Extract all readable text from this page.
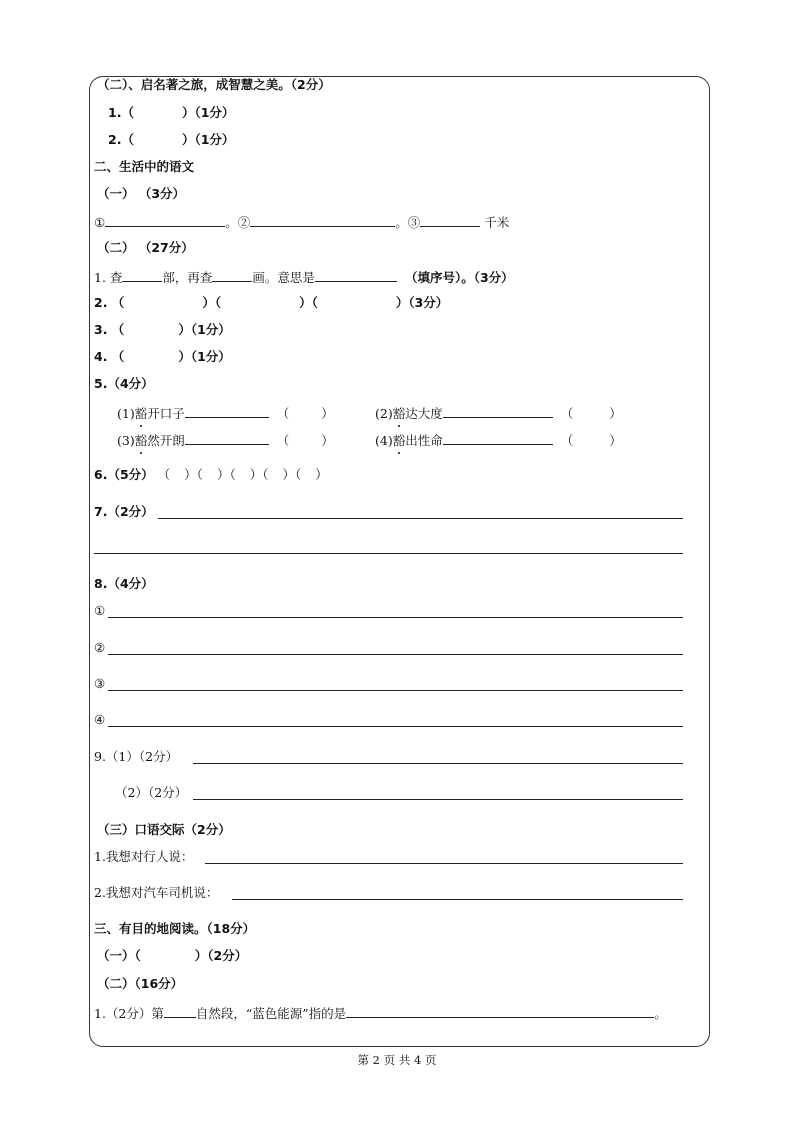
（二）、启名著之旅，成智慧之美。（2分）
1.（	）（1分）
2.（	）（1分）
二、生活中的语文
（一） （3分）
①	。②	。③	千米
（二） （27分）
1. 查	部，再查	画。意思是	（填序号）。（3分）
2. （	）（	）（	）（3分）
3. （	）（1分）
4. （	）（1分）
5.（4分）
(1)豁开口子	（	）	(2)豁达大度	（	）
(3)豁然开朗	（	）	(4)豁出性命	（	）
6.（5分） （ ）（ ）（ ）（ ）（ ）
7.（2分）
8.（4分）
①
②
③
④
9.（1）（2分）
（2）（2分）
（三）口语交际（2分）
1.我想对行人说：
2.我想对汽车司机说：
三、有目的地阅读。（18分）
（一）（	）（2分）
（二）（16分）
1.（2分）第	自然段，“蓝色能源”指的是	。
第 2 页 共 4 页
